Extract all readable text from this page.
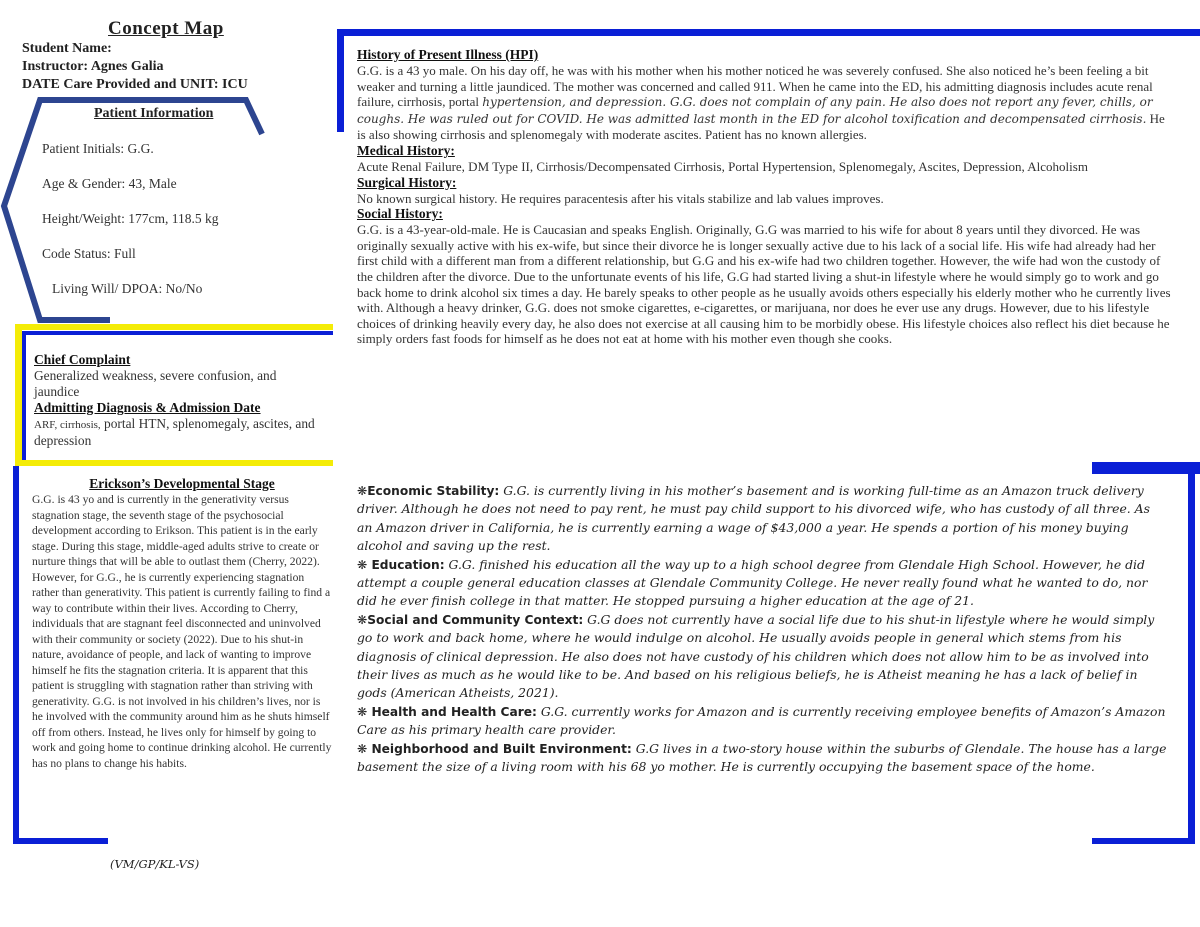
Concept Map
Student Name:
Instructor: Agnes Galia
DATE Care Provided and UNIT: ICU
Patient Information
Patient Initials: G.G.
Age & Gender: 43, Male
Height/Weight: 177cm, 118.5 kg
Code Status: Full
Living Will/ DPOA: No/No
Chief Complaint
Generalized weakness, severe confusion, and jaundice
Admitting Diagnosis & Admission Date
ARF, cirrhosis, portal HTN, splenomegaly, ascites, and depression
Erickson’s Developmental Stage
G.G. is 43 yo and is currently in the generativity versus stagnation stage, the seventh stage of the psychosocial development according to Erikson. This patient is in the early stage. During this stage, middle-aged adults strive to create or nurture things that will be able to outlast them (Cherry, 2022). However, for G.G., he is currently experiencing stagnation rather than generativity. This patient is currently failing to find a way to contribute within their lives. According to Cherry, individuals that are stagnant feel disconnected and uninvolved with their community or society (2022). Due to his shut-in nature, avoidance of people, and lack of wanting to improve himself he fits the stagnation criteria. It is apparent that this patient is struggling with stagnation rather than striving with generativity. G.G. is not involved in his children’s lives, nor is he involved with the community around him as he shuts himself off from others. Instead, he lives only for himself by going to work and going home to continue drinking alcohol. He currently has no plans to change his habits.
(VM/GP/KL-VS)
History of Present Illness (HPI)
G.G. is a 43 yo male. On his day off, he was with his mother when his mother noticed he was severely confused. She also noticed he’s been feeling a bit weaker and turning a little jaundiced. The mother was concerned and called 911. When he came into the ED, his admitting diagnosis includes acute renal failure, cirrhosis, portal hypertension, and depression. G.G. does not complain of any pain. He also does not report any fever, chills, or coughs. He was ruled out for COVID. He was admitted last month in the ED for alcohol toxification and decompensated cirrhosis. He is also showing cirrhosis and splenomegaly with moderate ascites. Patient has no known allergies.
Medical History:
Acute Renal Failure, DM Type II, Cirrhosis/Decompensated Cirrhosis, Portal Hypertension, Splenomegaly, Ascites, Depression, Alcoholism
Surgical History:
No known surgical history. He requires paracentesis after his vitals stabilize and lab values improves.
Social History:
G.G. is a 43-year-old-male. He is Caucasian and speaks English. Originally, G.G was married to his wife for about 8 years until they divorced. He was originally sexually active with his ex-wife, but since their divorce he is longer sexually active due to his lack of a social life. His wife had already had her first child with a different man from a different relationship, but G.G and his ex-wife had two children together. However, the wife had won the custody of the children after the divorce. Due to the unfortunate events of his life, G.G had started living a shut-in lifestyle where he would simply go to work and go back home to drink alcohol six times a day. He barely speaks to other people as he usually avoids others especially his elderly mother who he currently lives with. Although a heavy drinker, G.G. does not smoke cigarettes, e-cigarettes, or marijuana, nor does he ever use any drugs. However, due to his lifestyle choices of drinking heavily every day, he also does not exercise at all causing him to be morbidly obese. His lifestyle choices also reflect his diet because he simply orders fast foods for himself as he does not eat at home with his mother even though she cooks.
❋Economic Stability: G.G. is currently living in his mother’s basement and is working full-time as an Amazon truck delivery driver. Although he does not need to pay rent, he must pay child support to his divorced wife, who has custody of all three. As an Amazon driver in California, he is currently earning a wage of $43,000 a year. He spends a portion of his money buying alcohol and saving up the rest.
❋ Education: G.G. finished his education all the way up to a high school degree from Glendale High School. However, he did attempt a couple general education classes at Glendale Community College. He never really found what he wanted to do, nor did he ever finish college in that matter. He stopped pursuing a higher education at the age of 21.
❋Social and Community Context: G.G does not currently have a social life due to his shut-in lifestyle where he would simply go to work and back home, where he would indulge on alcohol. He usually avoids people in general which stems from his diagnosis of clinical depression. He also does not have custody of his children which does not allow him to be as involved into their lives as much as he would like to be. And based on his religious beliefs, he is Atheist meaning he has a lack of belief in gods (American Atheists, 2021).
❋ Health and Health Care: G.G. currently works for Amazon and is currently receiving employee benefits of Amazon’s Amazon Care as his primary health care provider.
❋ Neighborhood and Built Environment: G.G lives in a two-story house within the suburbs of Glendale. The house has a large basement the size of a living room with his 68 yo mother. He is currently occupying the basement space of the home.
